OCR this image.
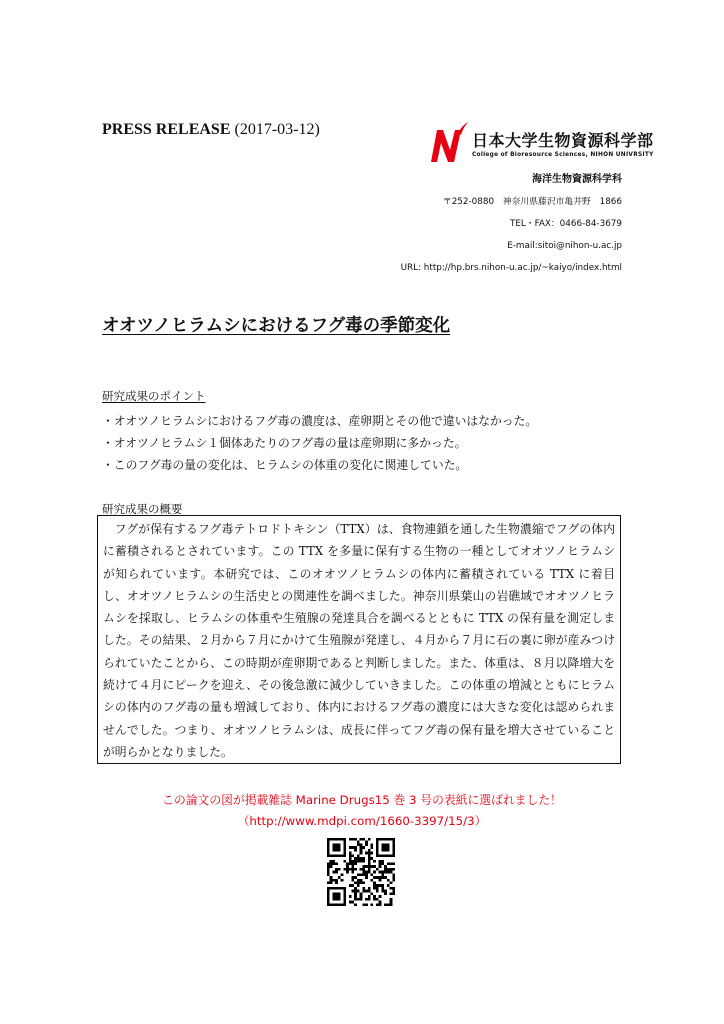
PRESS RELEASE (2017-03-12)
日本大学生物資源科学部
College of Bioresource Sciences, NIHON UNIVRSITY
海洋生物資源科学科
〒252-0880　神奈川県藤沢市亀井野　1866
TEL・FAX：0466-84-3679
E-mail:sitoi@nihon-u.ac.jp
URL: http://hp.brs.nihon-u.ac.jp/~kaiyo/index.html
オオツノヒラムシにおけるフグ毒の季節変化
研究成果のポイント
・オオツノヒラムシにおけるフグ毒の濃度は、産卵期とその他で違いはなかった。
・オオツノヒラムシ１個体あたりのフグ毒の量は産卵期に多かった。
・このフグ毒の量の変化は、ヒラムシの体重の変化に関連していた。
研究成果の概要

フグが保有するフグ毒テトロドトキシン（TTX）は、食物連鎖を通した生物濃縮でフグの体内に蓄積されるとされています。この TTX を多量に保有する生物の一種としてオオツノヒラムシが知られています。本研究では、このオオツノヒラムシの体内に蓄積されている TTX に着目し、オオツノヒラムシの生活史との関連性を調べました。神奈川県葉山の岩礁域でオオツノヒラムシを採取し、ヒラムシの体重や生殖腺の発達具合を調べるとともに TTX の保有量を測定しました。その結果、２月から７月にかけて生殖腺が発達し、４月から７月に石の裏に卵が産みつけられていたことから、この時期が産卵期であると判断しました。また、体重は、８月以降増大を続けて４月にピークを迎え、その後急激に減少していきました。この体重の増減とともにヒラムシの体内のフグ毒の量も増減しており、体内におけるフグ毒の濃度には大きな変化は認められませんでした。つまり、オオツノヒラムシは、成長に伴ってフグ毒の保有量を増大させていることが明らかとなりました。

この論文の図が掲載雑誌 Marine Drugs15 巻 3 号の表紙に選ばれました！
（http://www.mdpi.com/1660-3397/15/3）
